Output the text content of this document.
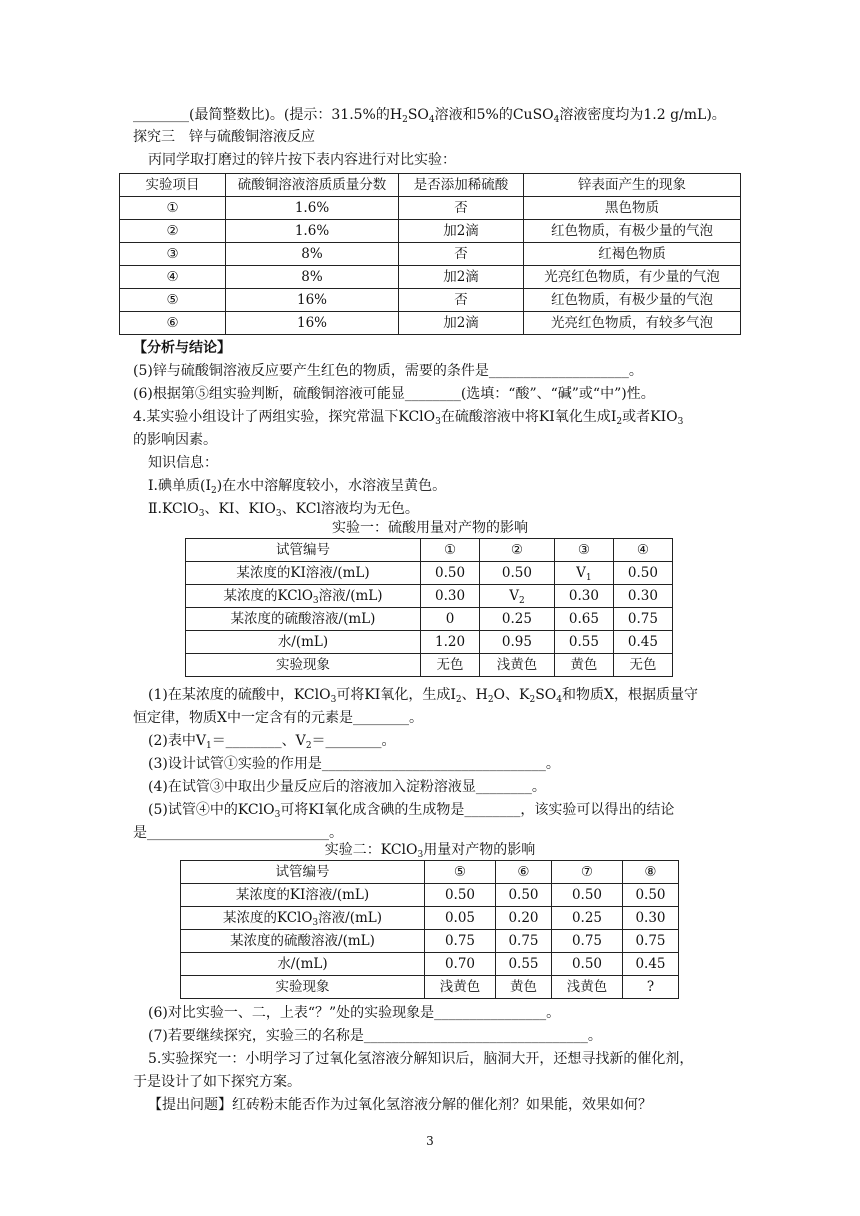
________(最简整数比)。(提示：31.5%的$H_2SO_4$溶液和5%的CuSO$_4$溶液密度均为1.2 g/mL)。
探究三　锌与硫酸铜溶液反应
丙同学取打磨过的锌片按下表内容进行对比实验：
实验项目	硫酸铜溶液溶质质量分数	是否添加稀硫酸	锌表面产生的现象
①	1.6%	否	黑色物质
②	1.6%	加2滴	红色物质，有极少量的气泡
③	8%	否	红褐色物质
④	8%	加2滴	光亮红色物质，有少量的气泡
⑤	16%	否	红色物质，有极少量的气泡
⑥	16%	加2滴	光亮红色物质，有较多气泡
【分析与结论】
(5)锌与硫酸铜溶液反应要产生红色的物质，需要的条件是____________________。
(6)根据第⑤组实验判断，硫酸铜溶液可能显________(选填：“酸”、“碱”或“中”)性。
4.某实验小组设计了两组实验，探究常温下KClO$_3$在硫酸溶液中将KI氧化生成$I_2$或者$KIO_3$
的影响因素。
知识信息：
Ⅰ.碘单质$(I_2)$在水中溶解度较小，水溶液呈黄色。
Ⅱ.KClO$_3$、KI、$KIO_3$、KCl溶液均为无色。
实验一：硫酸用量对产物的影响
试管编号	①	②	③	④
某浓度的KI溶液/(mL)	0.50	0.50	$V_1$	0.50
某浓度的KClO$_3$溶液/(mL)	0.30	$V_2$	0.30	0.30
某浓度的硫酸溶液/(mL)	0	0.25	0.65	0.75
水/(mL)	1.20	0.95	0.55	0.45
实验现象	无色	浅黄色	黄色	无色
(1)在某浓度的硫酸中，KClO$_3$可将KI氧化，生成$I_2$、$H_2O$、$K_2SO_4$和物质X，根据质量守
恒定律，物质X中一定含有的元素是________。
(2)表中$V_1=\_\_\_\_\_\_\_\_$、$V_2=\_\_\_\_\_\_\_\_$。
(3)设计试管①实验的作用是________________________________。
(4)在试管③中取出少量反应后的溶液加入淀粉溶液显________。
(5)试管④中的KClO$_3$可将KI氧化成含碘的生成物是________，该实验可以得出的结论
是__________________________。
实验二：KClO$_3$用量对产物的影响
试管编号	⑤	⑥	⑦	⑧
某浓度的KI溶液/(mL)	0.50	0.50	0.50	0.50
某浓度的KClO$_3$溶液/(mL)	0.05	0.20	0.25	0.30
某浓度的硫酸溶液/(mL)	0.75	0.75	0.75	0.75
水/(mL)	0.70	0.55	0.50	0.45
实验现象	浅黄色	黄色	浅黄色	?
(6)对比实验一、二，上表“？”处的实验现象是________________。
(7)若要继续探究，实验三的名称是________________________________。
5.实验探究一：小明学习了过氧化氢溶液分解知识后，脑洞大开，还想寻找新的催化剂，
于是设计了如下探究方案。
【提出问题】红砖粉末能否作为过氧化氢溶液分解的催化剂？如果能，效果如何？
3
